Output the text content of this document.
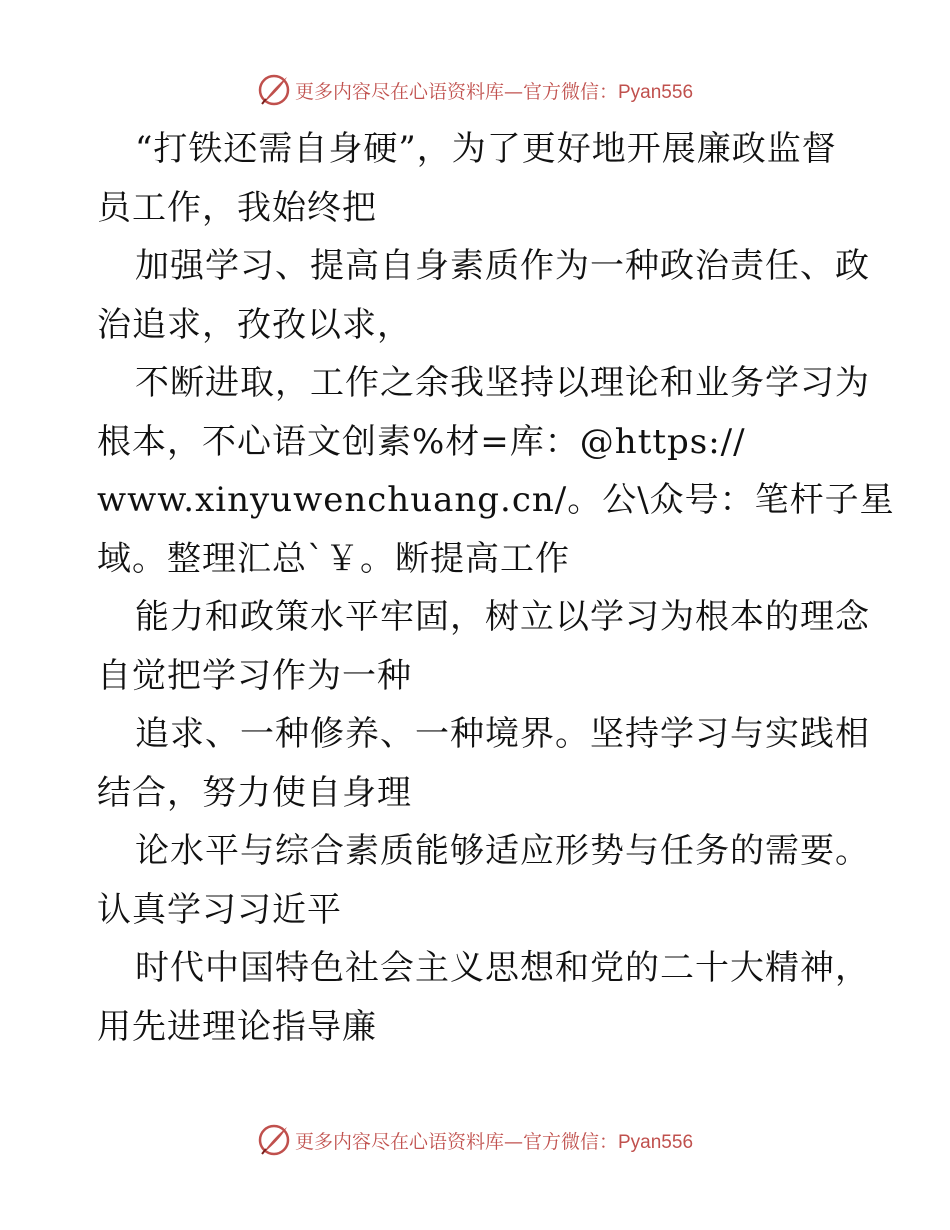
更多内容尽在心语资料库—官方微信：Pyan556
“打铁还需自身硬”，为了更好地开展廉政监督
员工作，我始终把
加强学习、提高自身素质作为一种政治责任、政
治追求，孜孜以求，
不断进取，工作之余我坚持以理论和业务学习为
根本，不心语文创素%材=库：@https://
www.xinyuwenchuang.cn/。公\众号：笔杆子星
域。整理汇总`￥。断提高工作
能力和政策水平牢固，树立以学习为根本的理念
自觉把学习作为一种
追求、一种修养、一种境界。坚持学习与实践相
结合，努力使自身理
论水平与综合素质能够适应形势与任务的需要。
认真学习习近平
时代中国特色社会主义思想和党的二十大精神，
用先进理论指导廉
更多内容尽在心语资料库—官方微信：Pyan556
